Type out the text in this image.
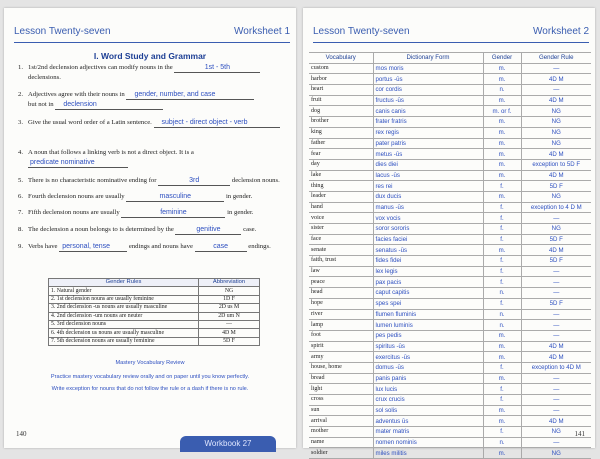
Lesson Twenty-seven	Worksheet 1
I. Word Study and Grammar
1. 1st/2nd declension adjectives can modify nouns in the	1st - 5th
declensions.
2. Adjectives agree with their nouns in gender, number, and case
but not in declension
3. Give the usual word order of a Latin sentence. subject - direct object - verb
4. A noun that follows a linking verb is not a direct object. It is a
predicate nominative
5. There is no characteristic nominative ending for	3rd	declension nouns.
6. Fourth declension nouns are usually	masculine	in gender.
7. Fifth declension nouns are usually	feminine	in gender.
8. The declension a noun belongs to is determined by the	genitive	case.
9. Verbs have personal, tense	endings and nouns have	case	endings.
Gender Rules	Abbreviation
1. Natural gender	NG
2. 1st declension nouns are usually feminine	1D F
3. 2nd declension -us nouns are usually masculine	2D us M
4. 2nd declension -um nouns are neuter	2D um N
5. 3rd declension nouns	—
6. 4th declension us nouns are usually masculine	4D M
7. 5th declension nouns are usually feminine	5D F
Mastery Vocabulary Review
Practice mastery vocabulary review orally and on paper until you know perfectly.
Write exception for nouns that do not follow the rule or a dash if there is no rule.
140
Lesson Twenty-seven	Worksheet 2
Vocabulary	Dictionary Form	Gender	Gender Rule
custom	mos moris	m.	—
harbor	portus -ūs	m.	4D M
heart	cor cordis	n.	—
fruit	fructus -ūs	m.	4D M
dog	canis canis	m. or f.	NG
brother	frater fratris	m.	NG
king	rex regis	m.	NG
father	pater patris	m.	NG
fear	metus -ūs	m.	4D M
day	dies diei	m.	exception to 5D F
lake	lacus -ūs	m.	4D M
thing	res rei	f.	5D F
leader	dux ducis	m.	NG
hand	manus -ūs	f.	exception to 4 D M
voice	vox vocis	f.	—
sister	soror sororis	f.	NG
face	facies faciei	f.	5D F
senate	senatus -ūs	m.	4D M
faith, trust	fides fidei	f.	5D F
law	lex legis	f.	—
peace	pax pacis	f.	—
head	caput capitis	n.	—
hope	spes spei	f.	5D F
river	flumen fluminis	n.	—
lamp	lumen luminis	n.	—
foot	pes pedis	m.	—
spirit	spiritus -ūs	m.	4D M
army	exercitus -ūs	m.	4D M
house, home	domus -ūs	f.	exception to 4D M
bread	panis panis	m.	—
light	lux lucis	f.	—
cross	crux crucis	f.	—
sun	sol solis	m.	—
arrival	adventus ūs	m.	4D M
mother	mater matris	f.	NG
name	nomen nominis	n.	—
soldier	miles militis	m.	NG
141
Workbook 27
